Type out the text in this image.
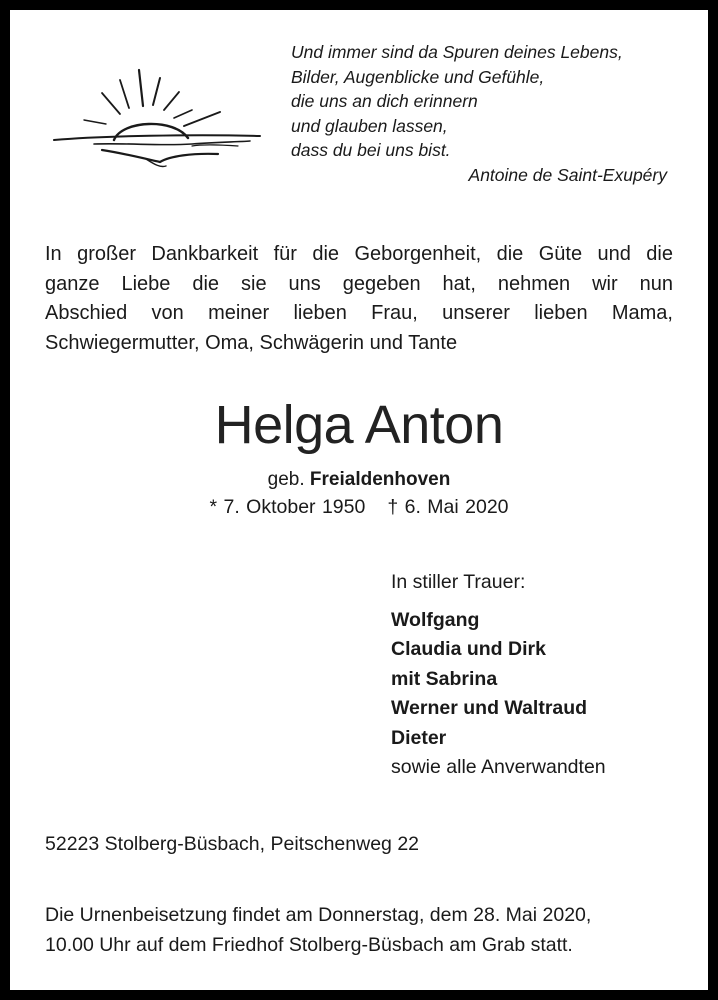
Und immer sind da Spuren deines Lebens,
Bilder, Augenblicke und Gefühle,
die uns an dich erinnern
und glauben lassen,
dass du bei uns bist.
Antoine de Saint-Exupéry
In großer Dankbarkeit für die Geborgenheit, die Güte und die
ganze Liebe die sie uns gegeben hat, nehmen wir nun
Abschied von meiner lieben Frau, unserer lieben Mama,
Schwiegermutter, Oma, Schwägerin und Tante
Helga Anton
geb. Freialdenhoven
* 7. Oktober 1950 † 6. Mai 2020
In stiller Trauer:
Wolfgang
Claudia und Dirk
mit Sabrina
Werner und Waltraud
Dieter
sowie alle Anverwandten
52223 Stolberg-Büsbach, Peitschenweg 22
Die Urnenbeisetzung findet am Donnerstag, dem 28. Mai 2020,
10.00 Uhr auf dem Friedhof Stolberg-Büsbach am Grab statt.
